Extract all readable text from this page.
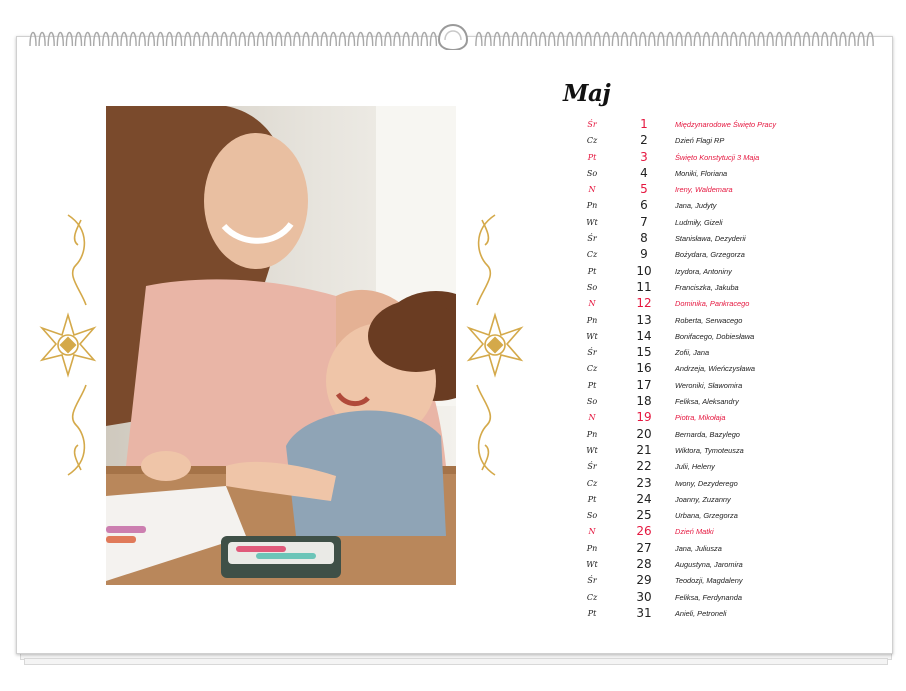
Maj
Śr	1	Międzynarodowe Święto Pracy
Cz	2	Dzień Flagi RP
Pt	3	Święto Konstytucji 3 Maja
So	4	Moniki, Floriana
N	5	Ireny, Waldemara
Pn	6	Jana, Judyty
Wt	7	Ludmiły, Gizeli
Śr	8	Stanisława, Dezyderii
Cz	9	Bożydara, Grzegorza
Pt	10	Izydora, Antoniny
So	11	Franciszka, Jakuba
N	12	Dominika, Pankracego
Pn	13	Roberta, Serwacego
Wt	14	Bonifacego, Dobiesława
Śr	15	Zofii, Jana
Cz	16	Andrzeja, Wieńczysława
Pt	17	Weroniki, Sławomira
So	18	Feliksa, Aleksandry
N	19	Piotra, Mikołaja
Pn	20	Bernarda, Bazylego
Wt	21	Wiktora, Tymoteusza
Śr	22	Julii, Heleny
Cz	23	Iwony, Dezyderego
Pt	24	Joanny, Zuzanny
So	25	Urbana, Grzegorza
N	26	Dzień Matki
Pn	27	Jana, Juliusza
Wt	28	Augustyna, Jaromira
Śr	29	Teodozji, Magdaleny
Cz	30	Feliksa, Ferdynanda
Pt	31	Anieli, Petroneli
